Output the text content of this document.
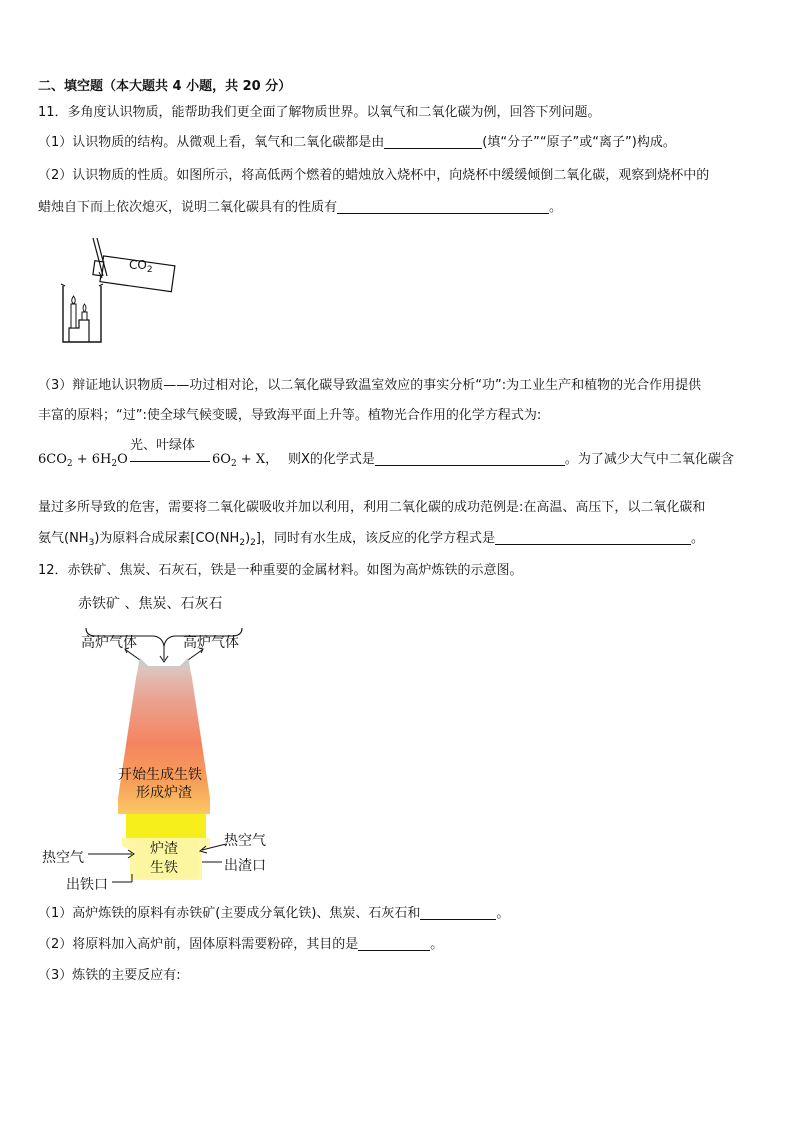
二、填空题（本大题共 4 小题，共 20 分）
11．多角度认识物质，能帮助我们更全面了解物质世界。以氧气和二氧化碳为例，回答下列问题。
（1）认识物质的结构。从微观上看，氧气和二氧化碳都是由	(填“分子”“原子”或“离子”)构成。
（2）认识物质的性质。如图所示，将高低两个燃着的蜡烛放入烧杯中，向烧杯中缓缓倾倒二氧化碳，观察到烧杯中的
蜡烛自下而上依次熄灭，说明二氧化碳具有的性质有	。
$CO_2$
（3）辩证地认识物质——功过相对论，以二氧化碳导致温室效应的事实分析“功”:为工业生产和植物的光合作用提供
丰富的原料；“过”:使全球气候变暖，导致海平面上升等。植物光合作用的化学方程式为:
$6CO_2 + 6H_2O$
光、叶绿体
$6O_2 + X$， 则X的化学式是	。为了减少大气中二氧化碳含
量过多所导致的危害，需要将二氧化碳吸收并加以利用，利用二氧化碳的成功范例是:在高温、高压下，以二氧化碳和
氨气$(NH_3)$为原料合成尿素$[CO(NH_2)_2]$，同时有水生成，该反应的化学方程式是	。
12．赤铁矿、焦炭、石灰石，铁是一种重要的金属材料。如图为高炉炼铁的示意图。
赤铁矿 、焦炭、石灰石
高炉气体	高炉气体
开始生成生铁
形成炉渣
炉渣
生铁
热空气
热空气
出渣口
出铁口
（1）高炉炼铁的原料有赤铁矿(主要成分氧化铁)、焦炭、石灰石和	。
（2）将原料加入高炉前，固体原料需要粉碎，其目的是	。
（3）炼铁的主要反应有:
